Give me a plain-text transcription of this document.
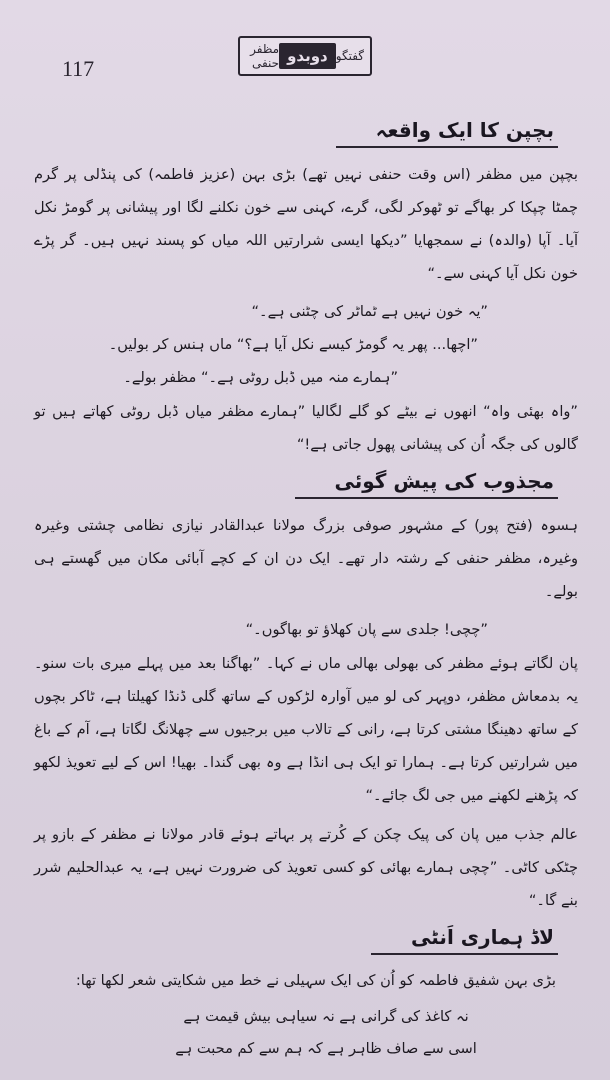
117	گفتگو
دوبدو
مظفر حنفی
بچپن کا ایک واقعہ

بچپن میں مظفر (اس وقت حنفی نہیں تھے) بڑی بہن (عزیز فاطمہ) کی پنڈلی پر گرم چمٹا چپکا کر بھاگے تو ٹھوکر لگی، گرے، کہنی سے خون نکلنے لگا اور پیشانی پر گومڑ نکل آیا۔ آپا (والدہ) نے سمجھایا ”دیکھا ایسی شرارتیں اللہ میاں کو پسند نہیں ہیں۔ گر پڑے خون نکل آیا کہنی سے۔“

”یہ خون نہیں ہے ٹماٹر کی چٹنی ہے۔“

”اچھا... پھر یہ گومڑ کیسے نکل آیا ہے؟“ ماں ہنس کر بولیں۔

”ہمارے منہ میں ڈبل روٹی ہے۔“ مظفر بولے۔

”واہ بھئی واہ“ انھوں نے بیٹے کو گلے لگالیا ”ہمارے مظفر میاں ڈبل روٹی کھاتے ہیں تو گالوں کی جگہ اُن کی پیشانی پھول جاتی ہے!“

مجذوب کی پیش گوئی

ہسوہ (فتح پور) کے مشہور صوفی بزرگ مولانا عبدالقادر نیازی نظامی چشتی وغیرہ وغیرہ، مظفر حنفی کے رشتہ دار تھے۔ ایک دن ان کے کچے آبائی مکان میں گھستے ہی بولے۔

”چچی! جلدی سے پان کھلاؤ تو بھاگوں۔“

پان لگاتے ہوئے مظفر کی بھولی بھالی ماں نے کہا۔ ”بھاگنا بعد میں پہلے میری بات سنو۔ یہ بدمعاش مظفر، دوپہر کی لو میں آوارہ لڑکوں کے ساتھ گلی ڈنڈا کھیلتا ہے، ٹاکر بچوں کے ساتھ دھینگا مشتی کرتا ہے، رانی کے تالاب میں برجیوں سے چھلانگ لگاتا ہے، آم کے باغ میں شرارتیں کرتا ہے۔ ہمارا تو ایک ہی انڈا ہے وہ بھی گندا۔ بھیا! اس کے لیے تعویذ لکھو کہ پڑھنے لکھنے میں جی لگ جائے۔“

عالم جذب میں پان کی پیک چکن کے کُرتے پر بہاتے ہوئے قادر مولانا نے مظفر کے بازو پر چٹکی کاٹی۔ ”چچی ہمارے بھائی کو کسی تعویذ کی ضرورت نہیں ہے، یہ عبدالحلیم شرر بنے گا۔“

لاڈ ہماری اَنٹی

بڑی بہن شفیق فاطمہ کو اُن کی ایک سہیلی نے خط میں شکایتی شعر لکھا تھا:

نہ کاغذ کی گرانی ہے نہ سیاہی بیش قیمت ہے

اسی سے صاف ظاہر ہے کہ ہم سے کم محبت ہے
